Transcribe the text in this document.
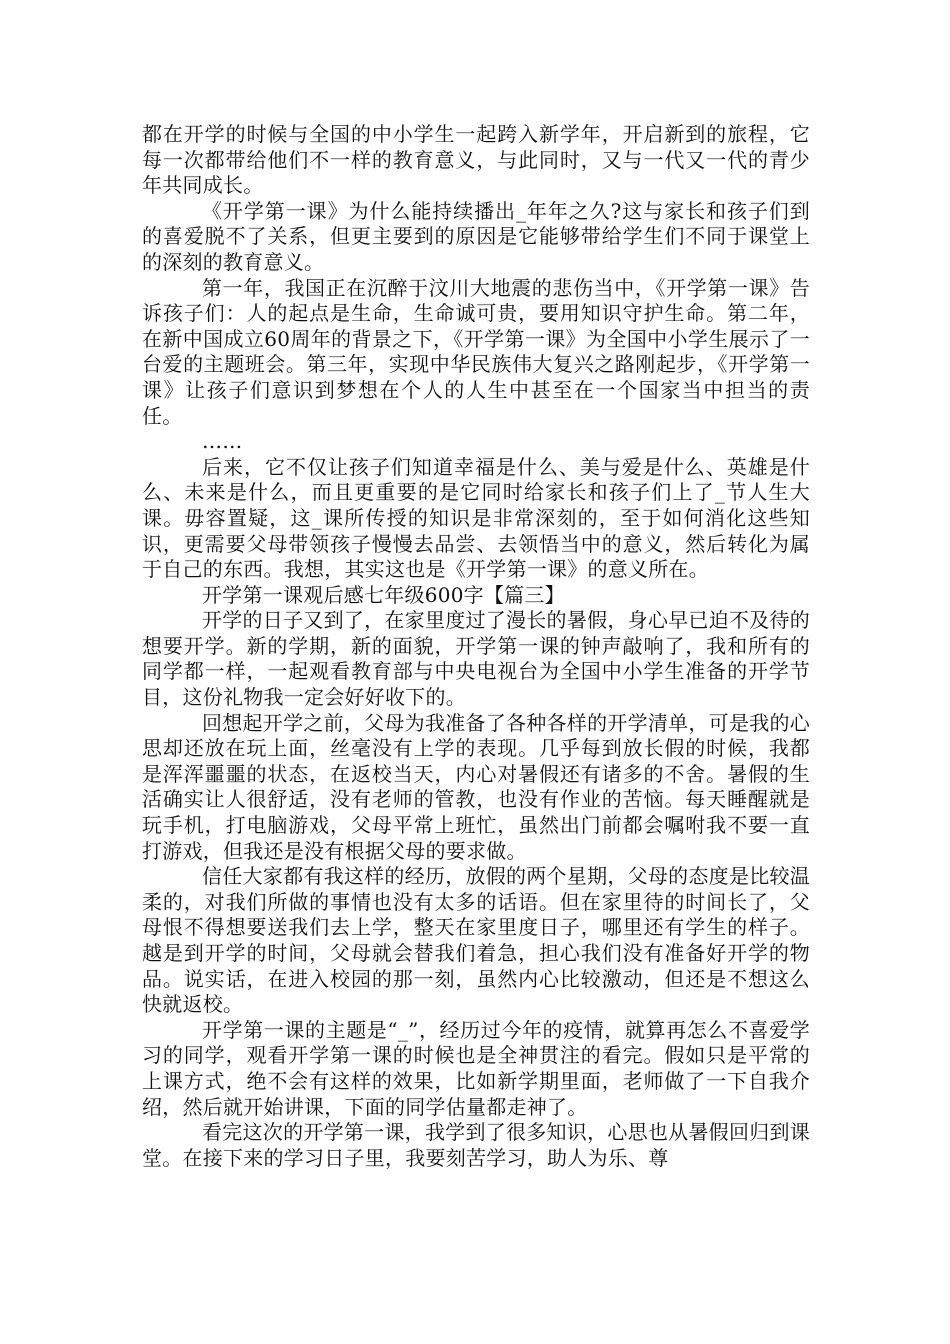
都在开学的时候与全国的中小学生一起跨入新学年，开启新到的旅程，它每一次都带给他们不一样的教育意义，与此同时，又与一代又一代的青少年共同成长。

《开学第一课》为什么能持续播出_年年之久?这与家长和孩子们到的喜爱脱不了关系，但更主要到的原因是它能够带给学生们不同于课堂上的深刻的教育意义。

第一年，我国正在沉醉于汶川大地震的悲伤当中，《开学第一课》告诉孩子们：人的起点是生命，生命诚可贵，要用知识守护生命。第二年，在新中国成立60周年的背景之下，《开学第一课》为全国中小学生展示了一台爱的主题班会。第三年，实现中华民族伟大复兴之路刚起步，《开学第一课》让孩子们意识到梦想在个人的人生中甚至在一个国家当中担当的责任。

……

后来，它不仅让孩子们知道幸福是什么、美与爱是什么、英雄是什么、未来是什么，而且更重要的是它同时给家长和孩子们上了_节人生大课。毋容置疑，这_课所传授的知识是非常深刻的，至于如何消化这些知识，更需要父母带领孩子慢慢去品尝、去领悟当中的意义，然后转化为属于自己的东西。我想，其实这也是《开学第一课》的意义所在。

开学第一课观后感七年级600字【篇三】

开学的日子又到了，在家里度过了漫长的暑假，身心早已迫不及待的想要开学。新的学期，新的面貌，开学第一课的钟声敲响了，我和所有的同学都一样，一起观看教育部与中央电视台为全国中小学生准备的开学节目，这份礼物我一定会好好收下的。

回想起开学之前，父母为我准备了各种各样的开学清单，可是我的心思却还放在玩上面，丝毫没有上学的表现。几乎每到放长假的时候，我都是浑浑噩噩的状态，在返校当天，内心对暑假还有诸多的不舍。暑假的生活确实让人很舒适，没有老师的管教，也没有作业的苦恼。每天睡醒就是玩手机，打电脑游戏，父母平常上班忙，虽然出门前都会嘱咐我不要一直打游戏，但我还是没有根据父母的要求做。

信任大家都有我这样的经历，放假的两个星期，父母的态度是比较温柔的，对我们所做的事情也没有太多的话语。但在家里待的时间长了，父母恨不得想要送我们去上学，整天在家里度日子，哪里还有学生的样子。越是到开学的时间，父母就会替我们着急，担心我们没有准备好开学的物品。说实话，在进入校园的那一刻，虽然内心比较激动，但还是不想这么快就返校。

开学第一课的主题是“_”，经历过今年的疫情，就算再怎么不喜爱学习的同学，观看开学第一课的时候也是全神贯注的看完。假如只是平常的上课方式，绝不会有这样的效果，比如新学期里面，老师做了一下自我介绍，然后就开始讲课，下面的同学估量都走神了。

看完这次的开学第一课，我学到了很多知识，心思也从暑假回归到课堂。在接下来的学习日子里，我要刻苦学习，助人为乐、尊
